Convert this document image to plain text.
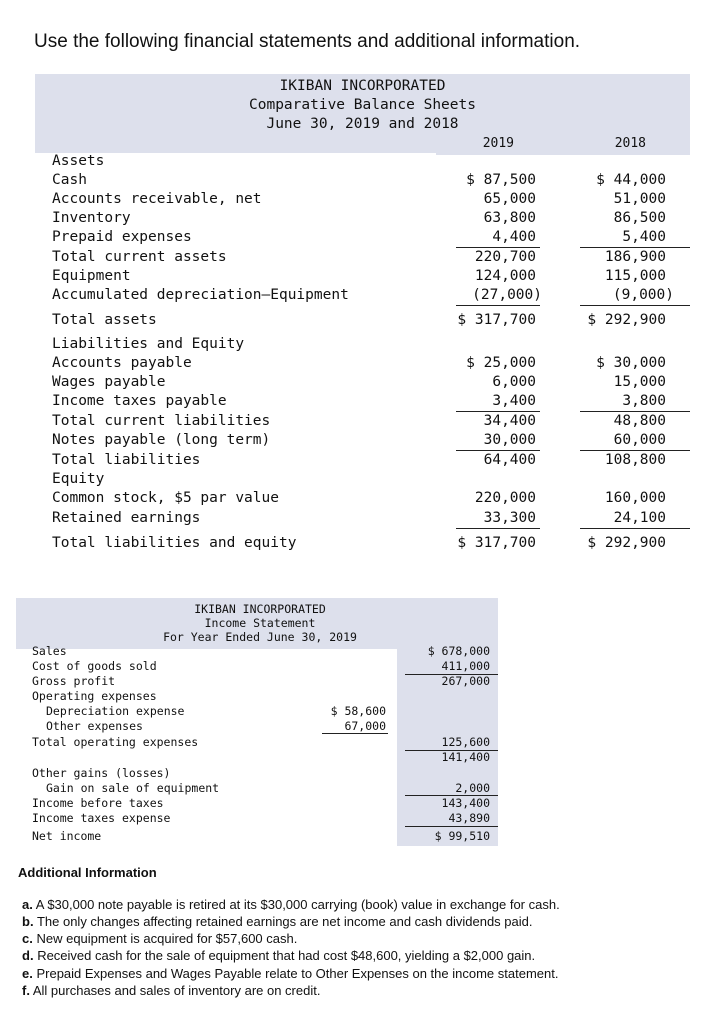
Use the following financial statements and additional information.
IKIBAN INCORPORATED
Comparative Balance Sheets
June 30, 2019 and 2018
2019	2018
Assets
Cash	$ 87,500	$ 44,000
Accounts receivable, net	65,000	51,000
Inventory	63,800	86,500
Prepaid expenses	4,400	5,400
Total current assets	220,700	186,900
Equipment	124,000	115,000
Accumulated depreciation—Equipment	(27,000)	(9,000)
Total assets	$ 317,700	$ 292,900
Liabilities and Equity
Accounts payable	$ 25,000	$ 30,000
Wages payable	6,000	15,000
Income taxes payable	3,400	3,800
Total current liabilities	34,400	48,800
Notes payable (long term)	30,000	60,000
Total liabilities	64,400	108,800
Equity
Common stock, $5 par value	220,000	160,000
Retained earnings	33,300	24,100
Total liabilities and equity	$ 317,700	$ 292,900
IKIBAN INCORPORATED
Income Statement
For Year Ended June 30, 2019
Sales	$ 678,000
Cost of goods sold	411,000
Gross profit	267,000
Operating expenses
Depreciation expense	$ 58,600
Other expenses	67,000
Total operating expenses	125,600
141,400
Other gains (losses)
Gain on sale of equipment	2,000
Income before taxes	143,400
Income taxes expense	43,890
Net income	$ 99,510
Additional Information
a. A $30,000 note payable is retired at its $30,000 carrying (book) value in exchange for cash.
b. The only changes affecting retained earnings are net income and cash dividends paid.
c. New equipment is acquired for $57,600 cash.
d. Received cash for the sale of equipment that had cost $48,600, yielding a $2,000 gain.
e. Prepaid Expenses and Wages Payable relate to Other Expenses on the income statement.
f. All purchases and sales of inventory are on credit.
